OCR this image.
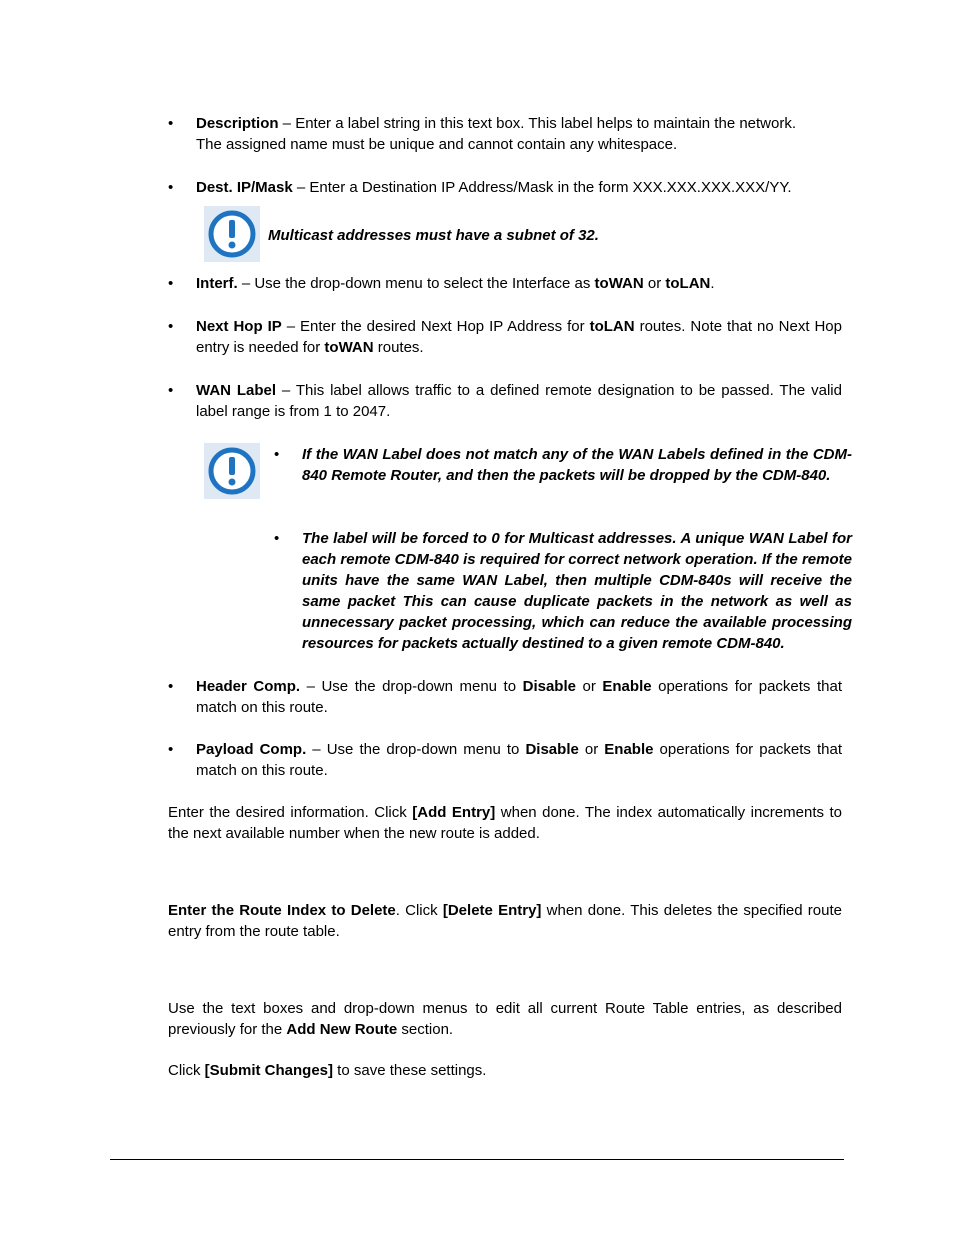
• Description – Enter a label string in this text box. This label helps to maintain the network.
The assigned name must be unique and cannot contain any whitespace.

• Dest. IP/Mask – Enter a Destination IP Address/Mask in the form XXX.XXX.XXX.XXX/YY.

Multicast addresses must have a subnet of 32.

• Interf. – Use the drop-down menu to select the Interface as toWAN or toLAN.

• Next Hop IP – Enter the desired Next Hop IP Address for toLAN routes. Note that no Next Hop entry is needed for toWAN routes.

• WAN Label – This label allows traffic to a defined remote designation to be passed. The valid label range is from 1 to 2047.

• If the WAN Label does not match any of the WAN Labels defined in the CDM-840 Remote Router, and then the packets will be dropped by the CDM-840.

• The label will be forced to 0 for Multicast addresses. A unique WAN Label for each remote CDM-840 is required for correct network operation. If the remote units have the same WAN Label, then multiple CDM-840s will receive the same packet This can cause duplicate packets in the network as well as unnecessary packet processing, which can reduce the available processing resources for packets actually destined to a given remote CDM-840.

• Header Comp. – Use the drop-down menu to Disable or Enable operations for packets that match on this route.

• Payload Comp. – Use the drop-down menu to Disable or Enable operations for packets that match on this route.

Enter the desired information. Click [Add Entry] when done. The index automatically increments to the next available number when the new route is added.

Enter the Route Index to Delete. Click [Delete Entry] when done. This deletes the specified route entry from the route table.

Use the text boxes and drop-down menus to edit all current Route Table entries, as described previously for the Add New Route section.

Click [Submit Changes] to save these settings.
